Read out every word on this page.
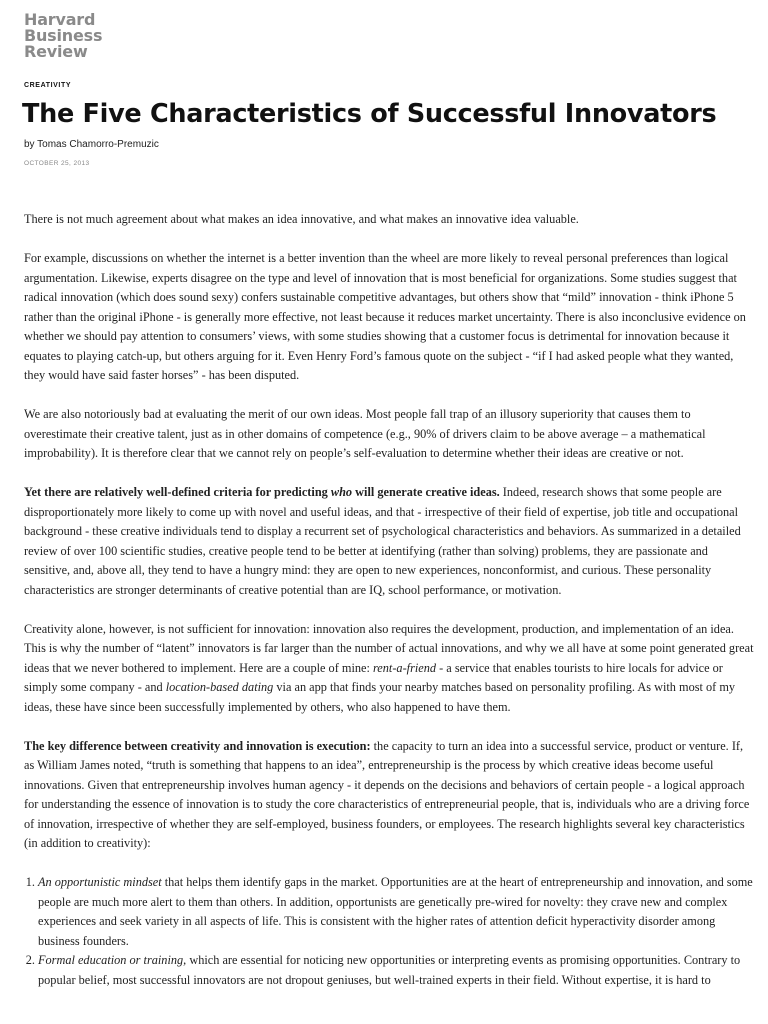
Harvard
Business
Review
CREATIVITY
The Five Characteristics of Successful Innovators
by Tomas Chamorro-Premuzic
OCTOBER 25, 2013

There is not much agreement about what makes an idea innovative, and what makes an innovative idea valuable.

For example, discussions on whether the internet is a better invention than the wheel are more likely to reveal personal preferences than logical argumentation. Likewise, experts disagree on the type and level of innovation that is most beneficial for organizations. Some studies suggest that radical innovation (which does sound sexy) confers sustainable competitive advantages, but others show that “mild” innovation - think iPhone 5 rather than the original iPhone - is generally more effective, not least because it reduces market uncertainty. There is also inconclusive evidence on whether we should pay attention to consumers’ views, with some studies showing that a customer focus is detrimental for innovation because it equates to playing catch-up, but others arguing for it. Even Henry Ford’s famous quote on the subject - “if I had asked people what they wanted, they would have said faster horses” - has been disputed.

We are also notoriously bad at evaluating the merit of our own ideas. Most people fall trap of an illusory superiority that causes them to overestimate their creative talent, just as in other domains of competence (e.g., 90% of drivers claim to be above average – a mathematical improbability). It is therefore clear that we cannot rely on people’s self-evaluation to determine whether their ideas are creative or not.

Yet there are relatively well-defined criteria for predicting who will generate creative ideas. Indeed, research shows that some people are disproportionately more likely to come up with novel and useful ideas, and that - irrespective of their field of expertise, job title and occupational background - these creative individuals tend to display a recurrent set of psychological characteristics and behaviors. As summarized in a detailed review of over 100 scientific studies, creative people tend to be better at identifying (rather than solving) problems, they are passionate and sensitive, and, above all, they tend to have a hungry mind: they are open to new experiences, nonconformist, and curious. These personality characteristics are stronger determinants of creative potential than are IQ, school performance, or motivation.

Creativity alone, however, is not sufficient for innovation: innovation also requires the development, production, and implementation of an idea. This is why the number of “latent” innovators is far larger than the number of actual innovations, and why we all have at some point generated great ideas that we never bothered to implement. Here are a couple of mine: rent-a-friend - a service that enables tourists to hire locals for advice or simply some company - and location-based dating via an app that finds your nearby matches based on personality profiling. As with most of my ideas, these have since been successfully implemented by others, who also happened to have them.

The key difference between creativity and innovation is execution: the capacity to turn an idea into a successful service, product or venture. If, as William James noted, “truth is something that happens to an idea”, entrepreneurship is the process by which creative ideas become useful innovations. Given that entrepreneurship involves human agency - it depends on the decisions and behaviors of certain people - a logical approach for understanding the essence of innovation is to study the core characteristics of entrepreneurial people, that is, individuals who are a driving force of innovation, irrespective of whether they are self-employed, business founders, or employees. The research highlights several key characteristics (in addition to creativity):

1. An opportunistic mindset that helps them identify gaps in the market. Opportunities are at the heart of entrepreneurship and innovation, and some people are much more alert to them than others. In addition, opportunists are genetically pre-wired for novelty: they crave new and complex experiences and seek variety in all aspects of life. This is consistent with the higher rates of attention deficit hyperactivity disorder among business founders.
2. Formal education or training, which are essential for noticing new opportunities or interpreting events as promising opportunities. Contrary to popular belief, most successful innovators are not dropout geniuses, but well-trained experts in their field. Without expertise, it is hard to
